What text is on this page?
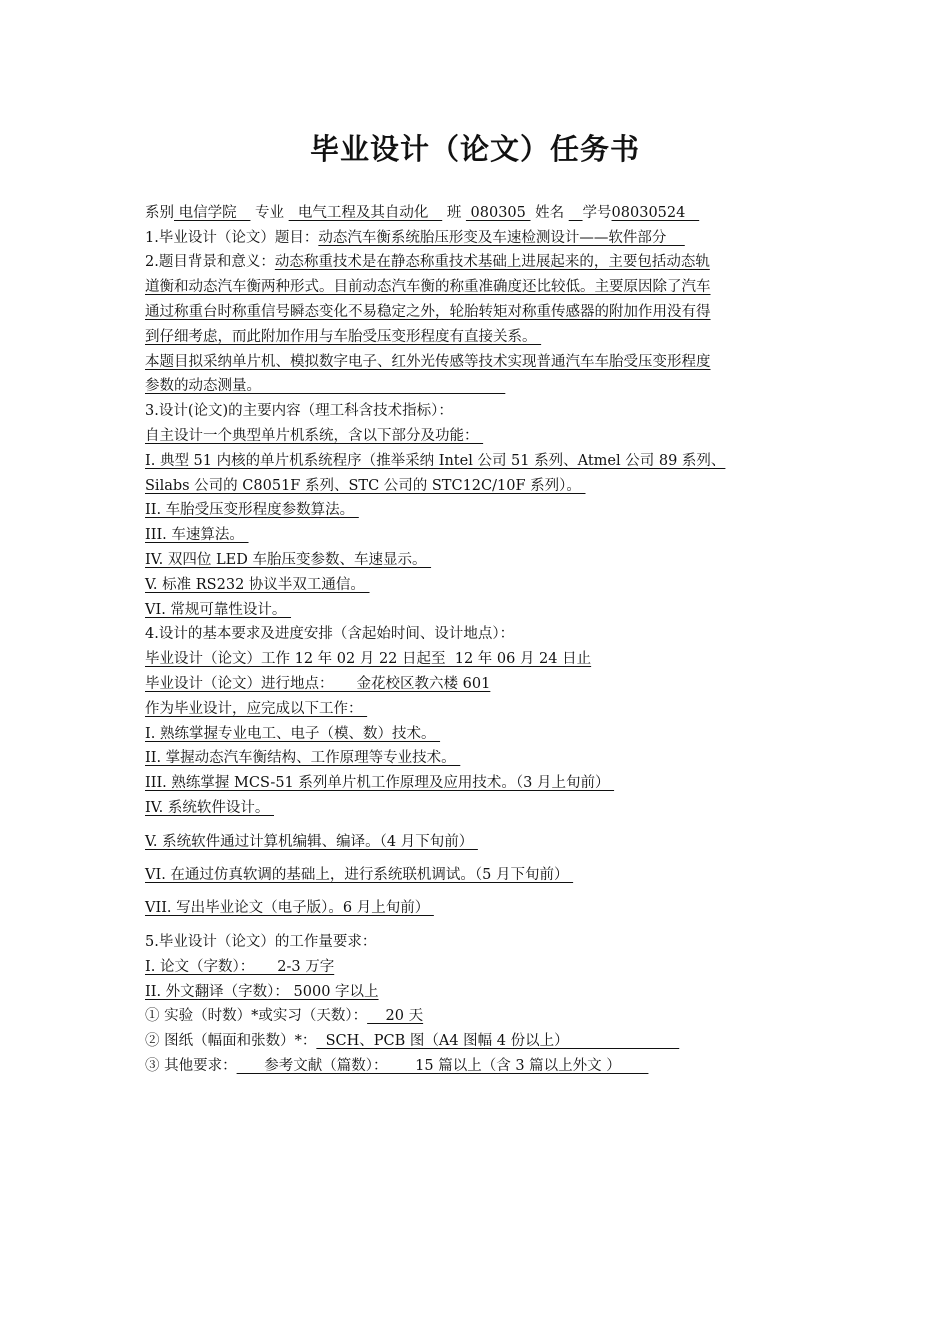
毕业设计（论文）任务书
系别 电信学院    专业   电气工程及其自动化    班  080305  姓名 学号08030524
1.毕业设计（论文）题目：动态汽车衡系统胎压形变及车速检测设计——软件部分
2.题目背景和意义：动态称重技术是在静态称重技术基础上进展起来的，主要包括动态轨
道衡和动态汽车衡两种形式。目前动态汽车衡的称重准确度还比较低。主要原因除了汽车
通过称重台时称重信号瞬态变化不易稳定之外，轮胎转矩对称重传感器的附加作用没有得
到仔细考虑，而此附加作用与车胎受压变形程度有直接关系。
本题目拟采纳单片机、模拟数字电子、红外光传感等技术实现普通汽车车胎受压变形程度
参数的动态测量。
3.设计(论文)的主要内容（理工科含技术指标）：
自主设计一个典型单片机系统，含以下部分及功能：
I. 典型 51 内核的单片机系统程序（推举采纳 Intel 公司 51 系列、Atmel 公司 89 系列、
Silabs 公司的 C8051F 系列、STC 公司的 STC12C/10F 系列）。
II. 车胎受压变形程度参数算法。
III. 车速算法。
IV. 双四位 LED 车胎压变参数、车速显示。
V. 标准 RS232 协议半双工通信。
VI. 常规可靠性设计。
4.设计的基本要求及进度安排（含起始时间、设计地点）：
毕业设计（论文）工作 12 年 02 月 22 日起至  12 年 06 月 24 日止
毕业设计（论文）进行地点：     金花校区教六楼 601
作为毕业设计，应完成以下工作：
I. 熟练掌握专业电工、电子（模、数）技术。
II. 掌握动态汽车衡结构、工作原理等专业技术。
III. 熟练掌握 MCS-51 系列单片机工作原理及应用技术。（3 月上旬前）
IV. 系统软件设计。
V. 系统软件通过计算机编辑、编译。（4 月下旬前）
VI. 在通过仿真软调的基础上，进行系统联机调试。（5 月下旬前）
VII. 写出毕业论文（电子版）。6 月上旬前）
5.毕业设计（论文）的工作量要求：
I. 论文（字数）：     2-3 万字
II. 外文翻译（字数）： 5000 字以上
① 实验（时数）*或实习（天数）：    20 天
② 图纸（幅面和张数）*：  SCH、PCB 图（A4 图幅 4 份以上）
③ 其他要求：      参考文献（篇数）：      15 篇以上（含 3 篇以上外文 ）
